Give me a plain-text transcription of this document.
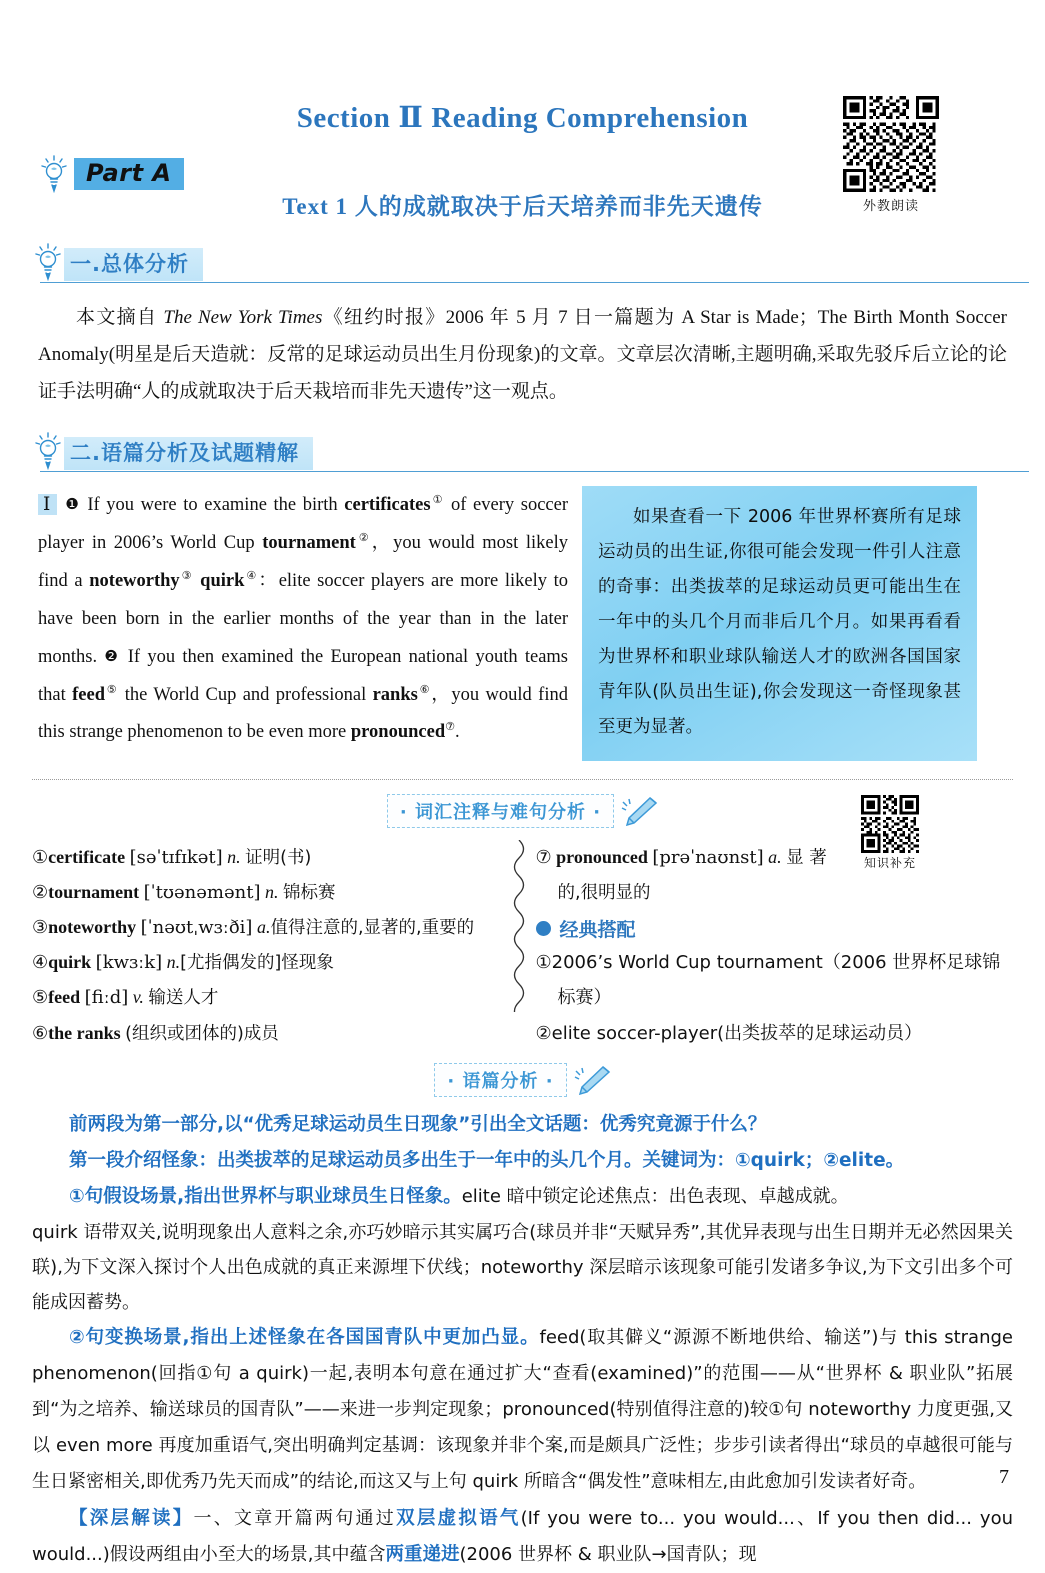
Section Ⅱ Reading Comprehension
外教朗读
Part A
Text 1 人的成就取决于后天培养而非先天遗传
一.总体分析
本文摘自 The New York Times《纽约时报》2006 年 5 月 7 日一篇题为 A Star is Made；The Birth Month Soccer Anomaly(明星是后天造就：反常的足球运动员出生月份现象)的文章。文章层次清晰,主题明确,采取先驳斥后立论的论证手法明确“人的成就取决于后天栽培而非先天遗传”这一观点。
二.语篇分析及试题精解
Ⅰ ❶ If you were to examine the birth certificates① of every soccer player in 2006’s World Cup tournament②，you would most likely find a noteworthy③ quirk④：elite soccer players are more likely to have been born in the earlier months of the year than in the later months. ❷ If you then examined the European national youth teams that feed⑤ the World Cup and professional ranks⑥，you would find this strange phenomenon to be even more pronounced⑦.
如果查看一下 2006 年世界杯赛所有足球运动员的出生证,你很可能会发现一件引人注意的奇事：出类拔萃的足球运动员更可能出生在一年中的头几个月而非后几个月。如果再看看为世界杯和职业球队输送人才的欧洲各国国家青年队(队员出生证),你会发现这一奇怪现象甚至更为显著。
· 词汇注释与难句分析 ·
①certificate [səˈtɪfɪkət] n. 证明(书)
②tournament [ˈtʊənəmənt] n. 锦标赛
③noteworthy [ˈnəʊtˌwɜːði] a.值得注意的,显著的,重要的
④quirk [kwɜːk] n.[尤指偶发的]怪现象
⑤feed [fiːd] v. 输送人才
⑥the ranks (组织或团体的)成员
⑦ pronounced [prəˈnaʊnst] a. 显 著
的,很明显的
经典搭配
①2006’s World Cup tournament（2006 世界杯足球锦
标赛）
②elite soccer-player(出类拔萃的足球运动员）
知识补充
· 语篇分析 ·

前两段为第一部分,以“优秀足球运动员生日现象”引出全文话题：优秀究竟源于什么？

第一段介绍怪象：出类拔萃的足球运动员多出生于一年中的头几个月。关键词为：①quirk；②elite。

①句假设场景,指出世界杯与职业球员生日怪象。elite 暗中锁定论述焦点：出色表现、卓越成就。

quirk 语带双关,说明现象出人意料之余,亦巧妙暗示其实属巧合(球员并非“天赋异秀”,其优异表现与出生日期并无必然因果关联),为下文深入探讨个人出色成就的真正来源埋下伏线；noteworthy 深层暗示该现象可能引发诸多争议,为下文引出多个可能成因蓄势。

②句变换场景,指出上述怪象在各国国青队中更加凸显。feed(取其僻义“源源不断地供给、输送”)与 this strange phenomenon(回指①句 a quirk)一起,表明本句意在通过扩大“查看(examined)”的范围——从“世界杯 & 职业队”拓展到“为之培养、输送球员的国青队”——来进一步判定现象；pronounced(特别值得注意的)较①句 noteworthy 力度更强,又以 even more 再度加重语气,突出明确判定基调：该现象并非个案,而是颇具广泛性；步步引读者得出“球员的卓越很可能与生日紧密相关,即优秀乃先天而成”的结论,而这又与上句 quirk 所暗含“偶发性”意味相左,由此愈加引发读者好奇。

【深层解读】一、文章开篇两句通过双层虚拟语气(If you were to... you would...、If you then did... you would...)假设两组由小至大的场景,其中蕴含两重递进(2006 世界杯 & 职业队→国青队；现

7
